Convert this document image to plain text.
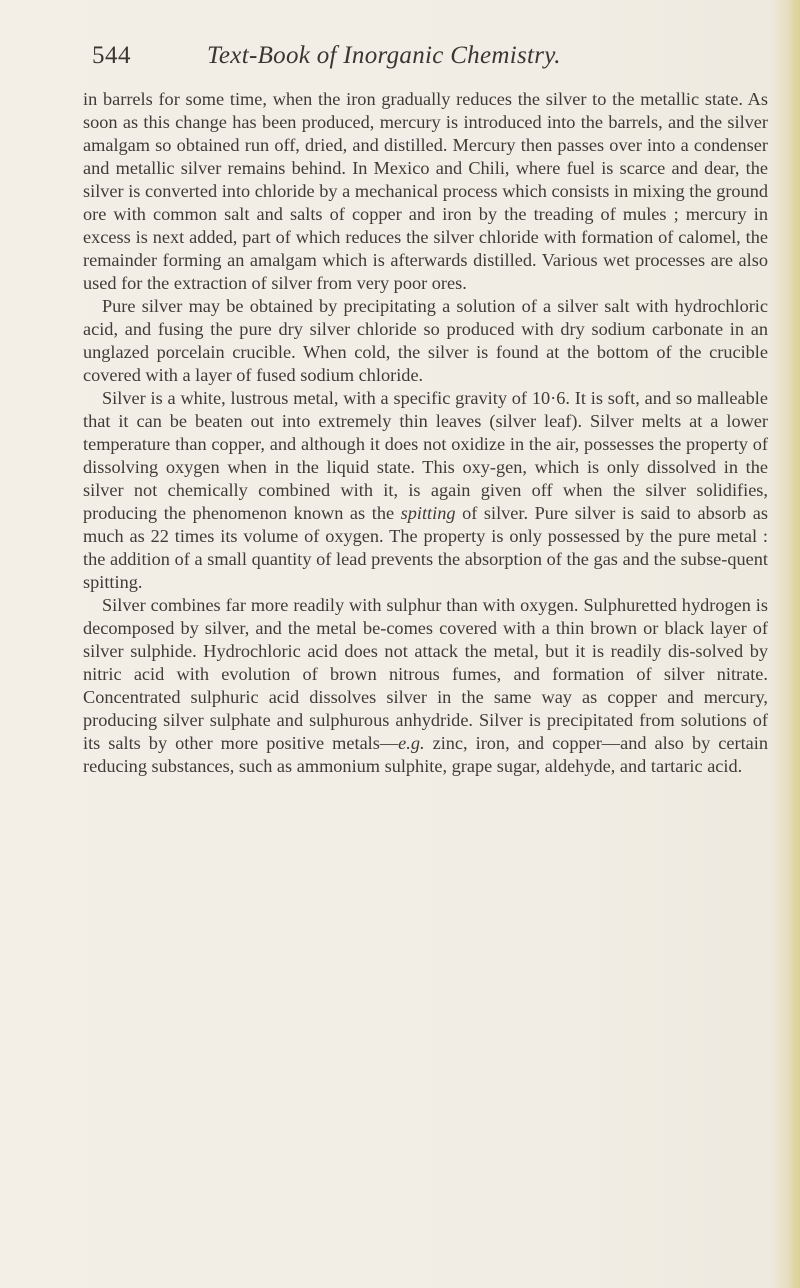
544	Text-Book of Inorganic Chemistry.

in barrels for some time, when the iron gradually reduces the silver to the metallic state. As soon as this change has been produced, mercury is introduced into the barrels, and the silver amalgam so obtained run off, dried, and distilled. Mercury then passes over into a condenser and metallic silver remains behind. In Mexico and Chili, where fuel is scarce and dear, the silver is converted into chloride by a mechanical process which consists in mixing the ground ore with common salt and salts of copper and iron by the treading of mules ; mercury in excess is next added, part of which reduces the silver chloride with formation of calomel, the remainder forming an amalgam which is afterwards distilled. Various wet processes are also used for the extraction of silver from very poor ores.

Pure silver may be obtained by precipitating a solution of a silver salt with hydrochloric acid, and fusing the pure dry silver chloride so produced with dry sodium carbonate in an unglazed porcelain crucible. When cold, the silver is found at the bottom of the crucible covered with a layer of fused sodium chloride.

Silver is a white, lustrous metal, with a specific gravity of 10·6. It is soft, and so malleable that it can be beaten out into extremely thin leaves (silver leaf). Silver melts at a lower temperature than copper, and although it does not oxidize in the air, possesses the property of dissolving oxygen when in the liquid state. This oxy-gen, which is only dissolved in the silver not chemically combined with it, is again given off when the silver solidifies, producing the phenomenon known as the spitting of silver. Pure silver is said to absorb as much as 22 times its volume of oxygen. The property is only possessed by the pure metal : the addition of a small quantity of lead prevents the absorption of the gas and the subse-quent spitting.

Silver combines far more readily with sulphur than with oxygen. Sulphuretted hydrogen is decomposed by silver, and the metal be-comes covered with a thin brown or black layer of silver sulphide. Hydrochloric acid does not attack the metal, but it is readily dis-solved by nitric acid with evolution of brown nitrous fumes, and formation of silver nitrate. Concentrated sulphuric acid dissolves silver in the same way as copper and mercury, producing silver sulphate and sulphurous anhydride. Silver is precipitated from solutions of its salts by other more positive metals—e.g. zinc, iron, and copper—and also by certain reducing substances, such as ammonium sulphite, grape sugar, aldehyde, and tartaric acid.
